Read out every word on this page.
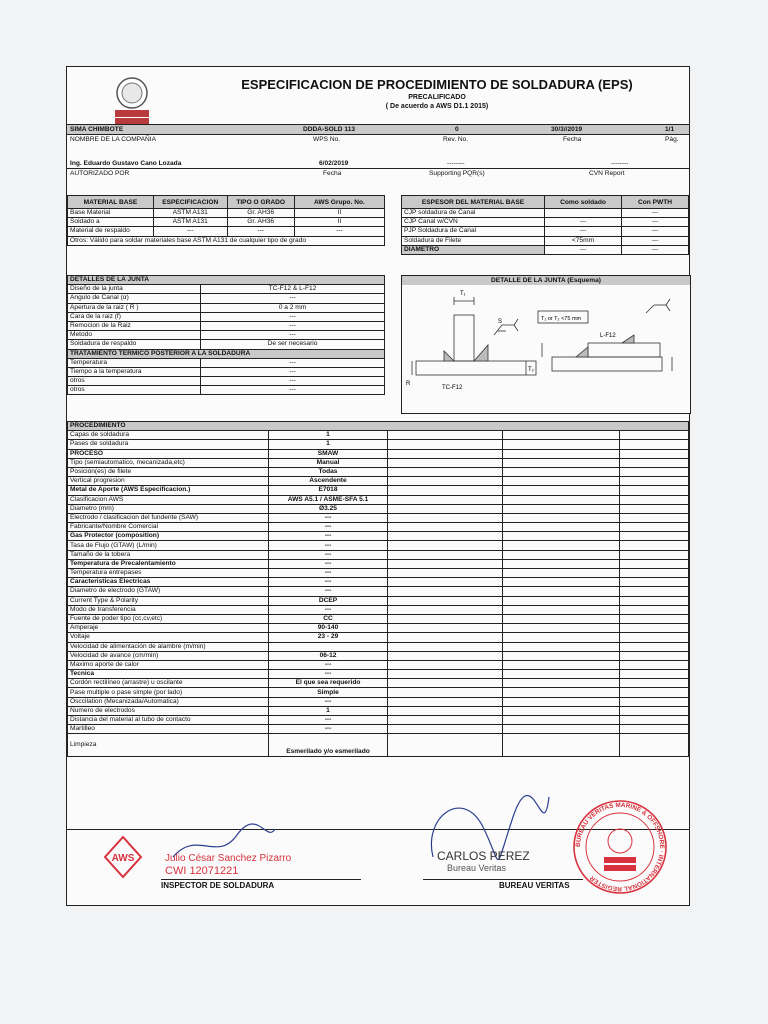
ESPECIFICACION DE PROCEDIMIENTO DE SOLDADURA (EPS)
PRECALIFICADO
( De acuerdo a AWS D1.1 2015)
SIMA CHIMBOTE	DDDA-SOLD 113	0	30/3//2019	1/1
NOMBRE DE LA COMPAÑIA	WPS No.	Rev. No.	Fecha	Pág.
Ing. Eduardo Gustavo Cano Lozada	6/02/2019	--------	--------
AUTORIZADO POR	Fecha	Supporting PQR(s)	CVN Report
MATERIAL BASE	ESPECIFICACION	TIPO O GRADO	AWS Grupo. No.
Base Material	ASTM A131	Gr. AH36	II
Soldado a	ASTM A131	Gr. AH36	II
Material de respaldo	---	---	---
Otros: Válido para soldar materiales base ASTM A131 de cualquier tipo de grado			
ESPESOR DEL MATERIAL BASE	Como soldado	Con PWTH
CJP soldadura de Canal		---
CJP Canal w/CVN	---	---
PJP Soldadura de Canal	---	---
Soldadura de Filete	<75mm	---
DIAMETRO	---	---
DETALLES DE LA JUNTA	
Diseño de la junta	TC-F12 & L-F12
Angulo de Canal (α)	---
Apertura de la raiz ( R )	0 a 2 mm
Cara de la raiz (f)	---
Remocion de la Raiz	---
Metodo	---
Soldadura de respaldo	De ser necesario
TRATAMIENTO TERMICO POSTERIOR A LA SOLDADURA	
Temperatura	---
Tiempo a la temperatura	---
otros	---
otros	---
DETALLE DE LA JUNTA (Esquema)
T₁
S
R
TC-F12
T₂
L-F12
T₁ or T₂ <75 mm
PROCEDIMIENTO				
Capas de soldadura	1			
Pases de soldadura	1			
PROCESO	SMAW			
Tipo (semiautomatico, mecanizada,etc)	Manual			
Posición(es) de filete	Todas			
Vertical progresion	Ascendente			
Metal de Aporte (AWS Especificacion.)	E7018			
Clasificacion AWS	AWS A5.1 / ASME-SFA 5.1			
Diametro (mm)	Ø3.25			
Electrodo / clasificacion del fundente (SAW)	---			
Fabricante/Nombre Comercial	---			
Gas Protector (composition)	---			
Tasa de Flujo (GTAW) (L/min)	---			
Tamaño de la tobera	---			
Temperatura de Precalentamiento	---			
Temperatura entrepases	---			
Caracteristicas Electricas	---			
Diametro de electrodo (GTAW)	---			
Current Type & Polarity	DCEP			
Modo de transferencia	---			
Fuente de poder tipo (cc,cv,etc)	CC			
Amperaje	90-140			
Voltaje	23 - 29			
Velocidad de alimentación de alambre (m/min)				
Velocidad de avance (cm/min)	06-12			
Maximo aporte de calor	---			
Tecnica	---			
Cordón rectilíneo (arrastre) u oscilante	El que sea requerido			
Pase multiple o pase simple (por lado)	Simple			
Osccilation (Mecanizada/Automatica)	---			
Numero de electrodos	1			
Distancia del material al tubo de contacto	---			
Martilleo	---			
Limpieza	Esmerilado y/o esmerilado			
AWS	Julio César Sanchez Pizarro
CWI 12071221
INSPECTOR DE SOLDADURA
CARLOS PEREZ
Bureau Veritas
BUREAU VERITAS
BUREAU VERITAS MARINE & OFFSHORE · INTERNATIONAL REGISTER
